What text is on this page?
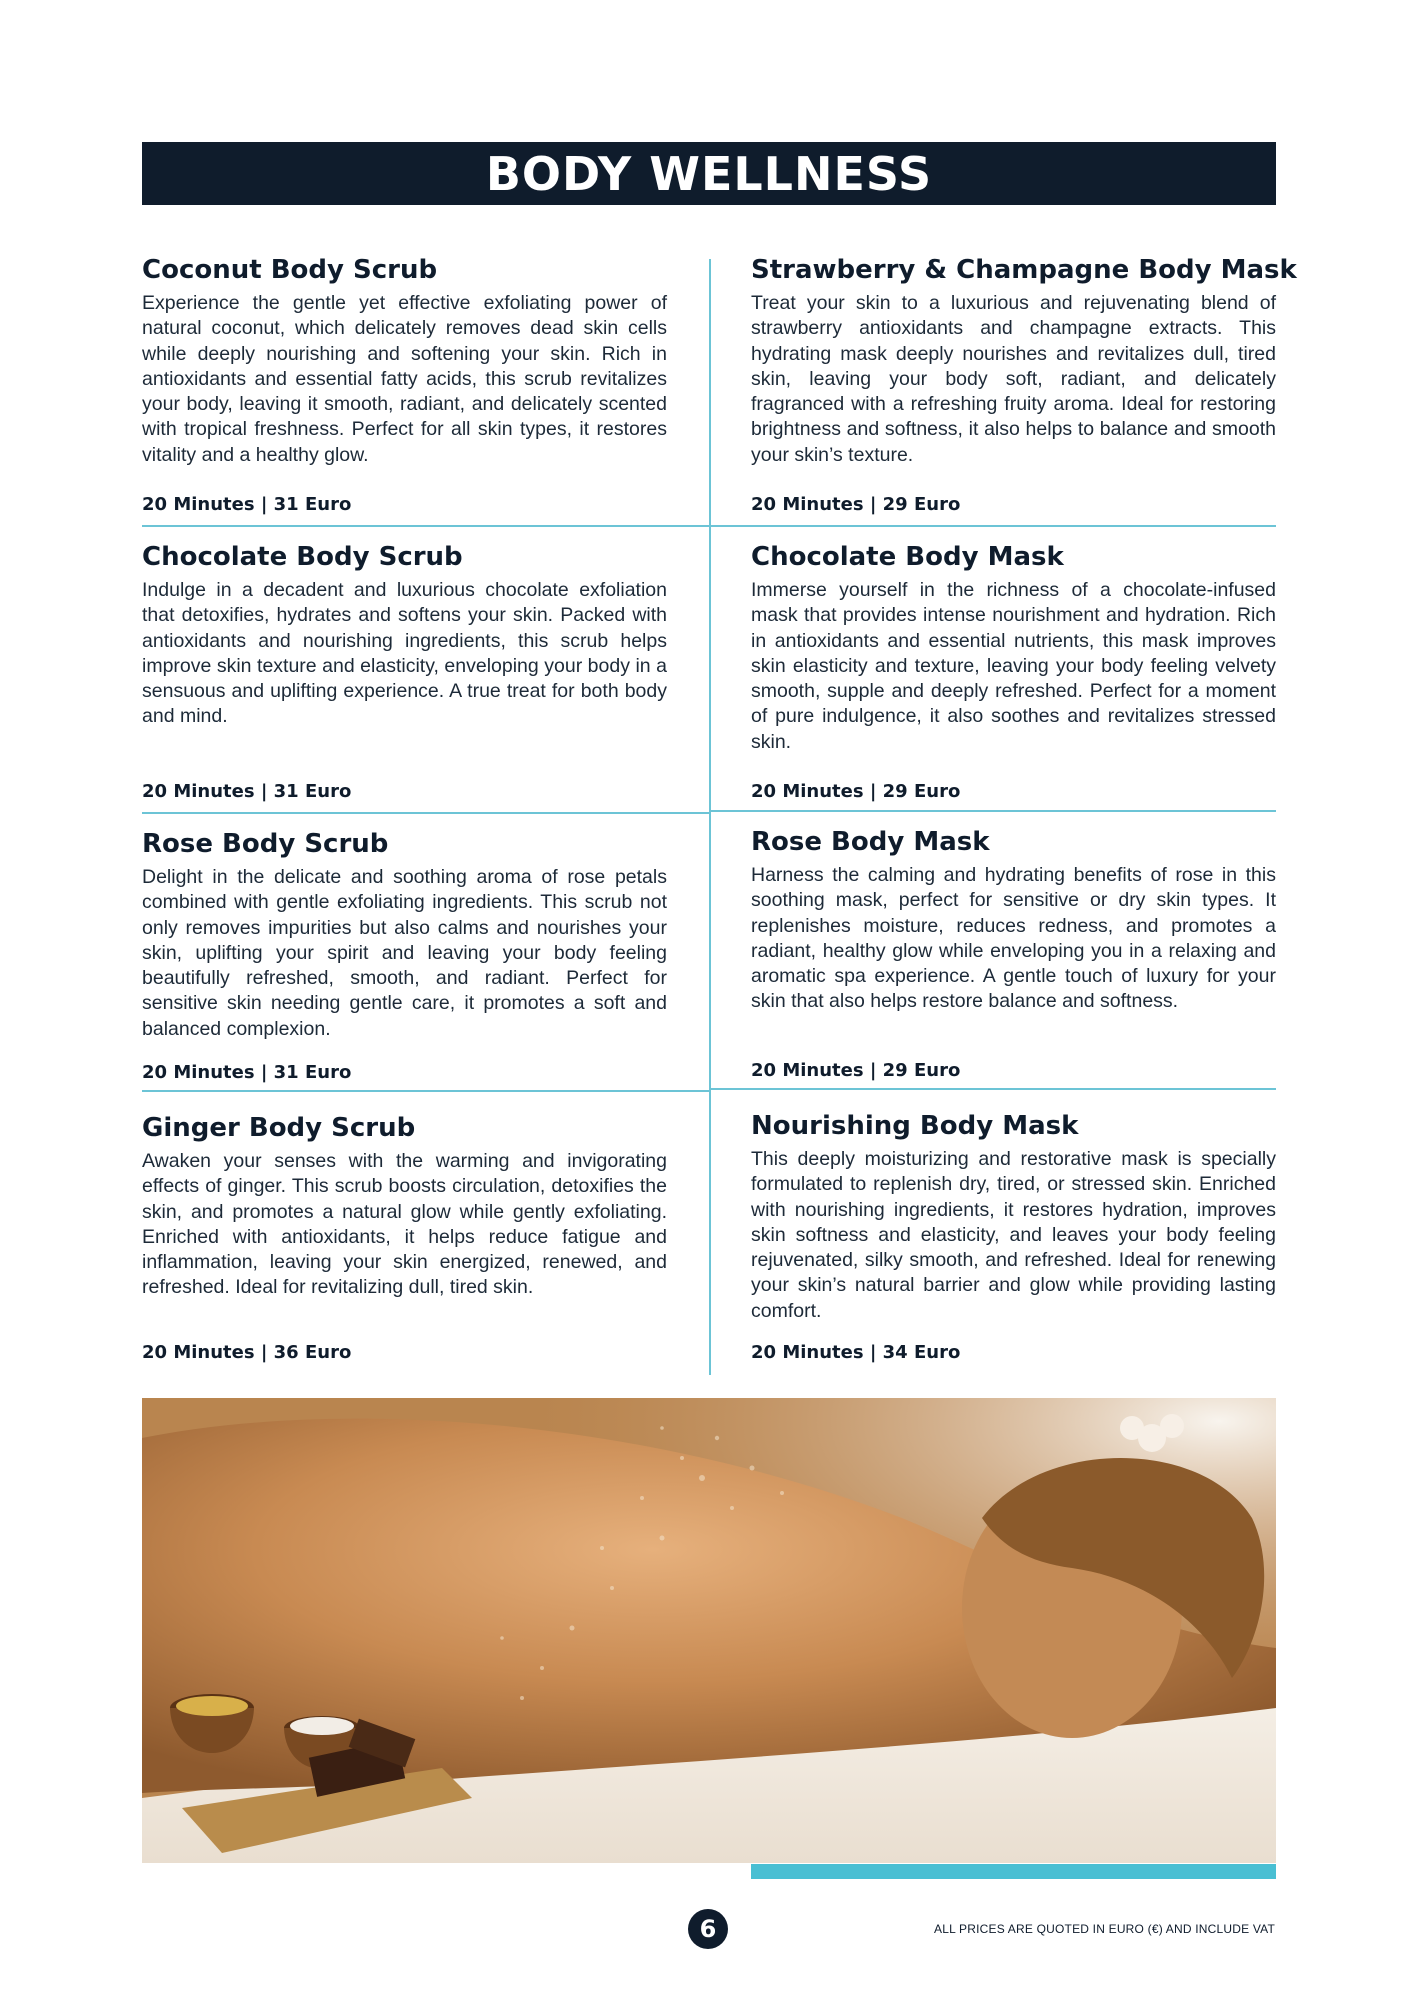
BODY WELLNESS
Coconut Body Scrub

Experience the gentle yet effective exfoliating power of natural coconut, which delicately removes dead skin cells while deeply nourishing and softening your skin. Rich in antioxidants and essential fatty acids, this scrub revitalizes your body, leaving it smooth, radiant, and delicately scented with tropical freshness. Perfect for all skin types, it restores vitality and a healthy glow.

20 Minutes | 31 Euro
Chocolate Body Scrub

Indulge in a decadent and luxurious chocolate exfoliation that detoxifies, hydrates and softens your skin. Packed with antioxidants and nourishing ingredients, this scrub helps improve skin texture and elasticity, enveloping your body in a sensuous and uplifting experience. A true treat for both body and mind.

20 Minutes | 31 Euro
Rose Body Scrub

Delight in the delicate and soothing aroma of rose petals combined with gentle exfoliating ingredients. This scrub not only removes impurities but also calms and nourishes your skin, uplifting your spirit and leaving your body feeling beautifully refreshed, smooth, and radiant. Perfect for sensitive skin needing gentle care, it promotes a soft and balanced complexion.

20 Minutes | 31 Euro
Ginger Body Scrub

Awaken your senses with the warming and invigorating effects of ginger. This scrub boosts circulation, detoxifies the skin, and promotes a natural glow while gently exfoliating. Enriched with antioxidants, it helps reduce fatigue and inflammation, leaving your skin energized, renewed, and refreshed. Ideal for revitalizing dull, tired skin.

20 Minutes | 36 Euro
Strawberry & Champagne Body Mask

Treat your skin to a luxurious and rejuvenating blend of strawberry antioxidants and champagne extracts. This hydrating mask deeply nourishes and revitalizes dull, tired skin, leaving your body soft, radiant, and delicately fragranced with a refreshing fruity aroma. Ideal for restoring brightness and softness, it also helps to balance and smooth your skin’s texture.

20 Minutes | 29 Euro
Chocolate Body Mask

Immerse yourself in the richness of a chocolate-infused mask that provides intense nourishment and hydration. Rich in antioxidants and essential nutrients, this mask improves skin elasticity and texture, leaving your body feeling velvety smooth, supple and deeply refreshed. Perfect for a moment of pure indulgence, it also soothes and revitalizes stressed skin.

20 Minutes | 29 Euro
Rose Body Mask

Harness the calming and hydrating benefits of rose in this soothing mask, perfect for sensitive or dry skin types. It replenishes moisture, reduces redness, and promotes a radiant, healthy glow while enveloping you in a relaxing and aromatic spa experience. A gentle touch of luxury for your skin that also helps restore balance and softness.

20 Minutes | 29 Euro
Nourishing Body Mask

This deeply moisturizing and restorative mask is specially formulated to replenish dry, tired, or stressed skin. Enriched with nourishing ingredients, it restores hydration, improves skin softness and elasticity, and leaves your body feeling rejuvenated, silky smooth, and refreshed. Ideal for renewing your skin’s natural barrier and glow while providing lasting comfort.

20 Minutes | 34 Euro
6	ALL PRICES ARE QUOTED IN EURO (€) AND INCLUDE VAT
